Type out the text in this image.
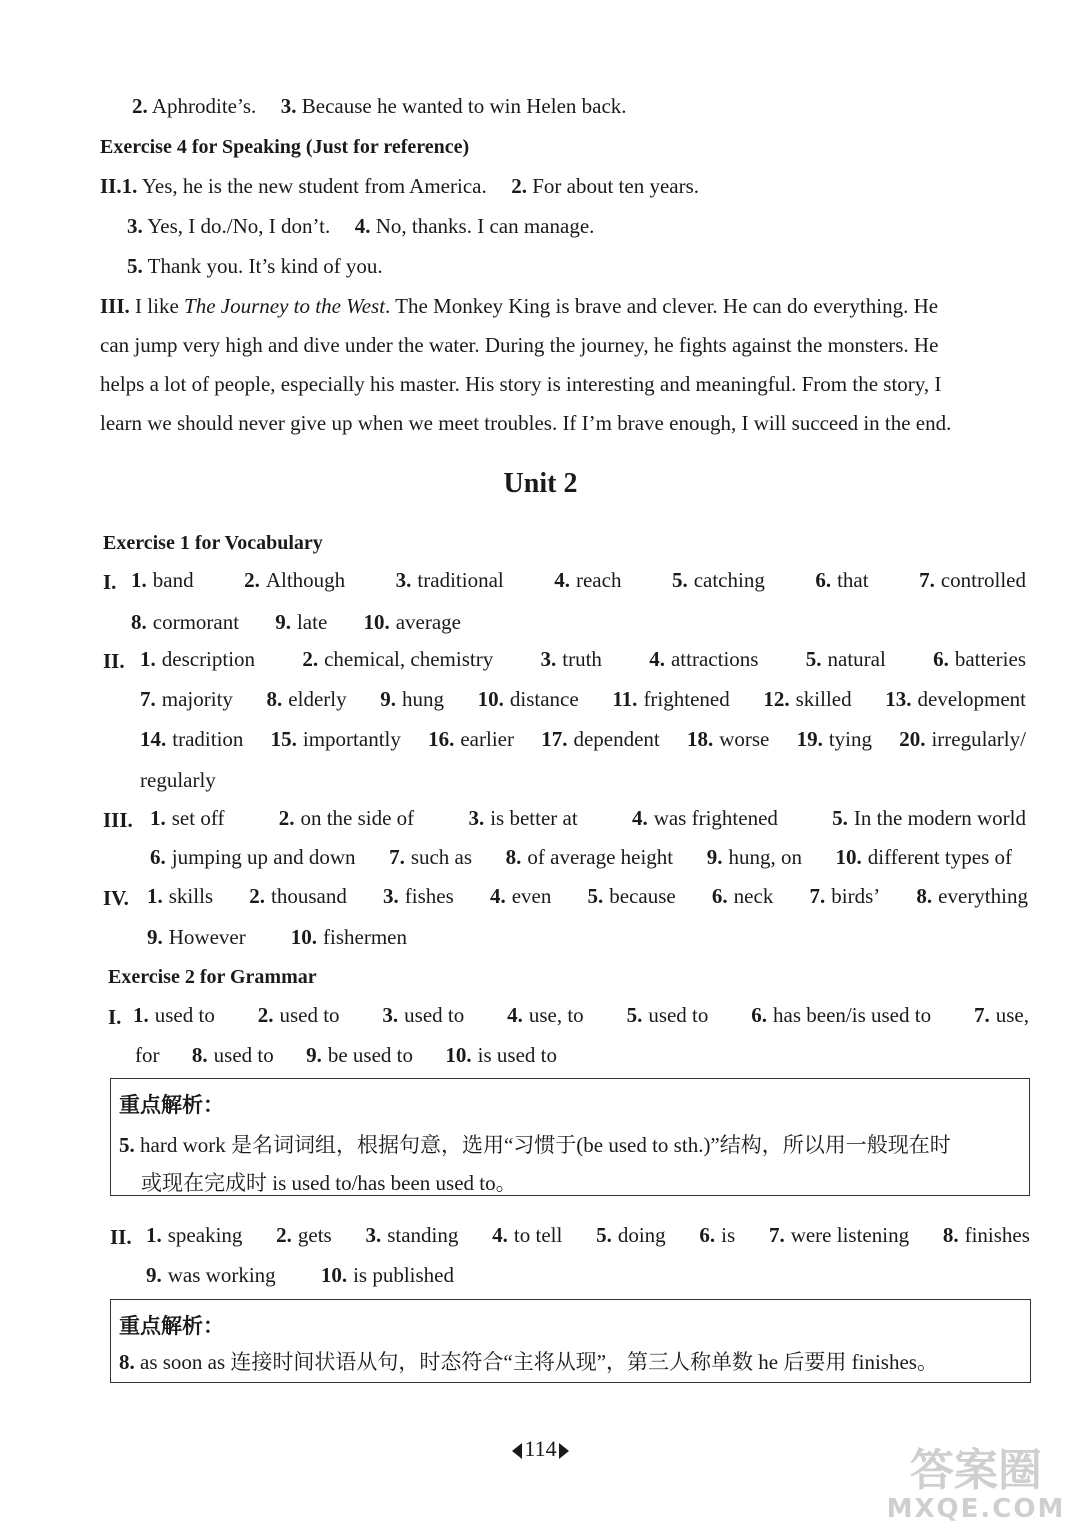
2. Aphrodite’s. 3. Because he wanted to win Helen back.
Exercise 4 for Speaking (Just for reference)
II.1. Yes, he is the new student from America. 2. For about ten years.
3. Yes, I do./No, I don’t. 4. No, thanks. I can manage.
5. Thank you. It’s kind of you.
III. I like The Journey to the West. The Monkey King is brave and clever. He can do everything. He
can jump very high and dive under the water. During the journey, he fights against the monsters. He
helps a lot of people, especially his master. His story is interesting and meaningful. From the story, I
learn we should never give up when we meet troubles. If I’m brave enough, I will succeed in the end.
Unit 2
Exercise 1 for Vocabulary
I. 1. band 2. Although 3. traditional 4. reach 5. catching 6. that 7. controlled
8. cormorant 9. late 10. average
II. 1. description 2. chemical, chemistry 3. truth 4. attractions 5. natural 6. batteries
7. majority 8. elderly 9. hung 10. distance 11. frightened 12. skilled 13. development
14. tradition 15. importantly 16. earlier 17. dependent 18. worse 19. tying 20. irregularly/
regularly
III. 1. set off	2. on the side of	3. is better at	4. was frightened	5. In the modern world
6. jumping up and down 7. such as 8. of average height 9. hung, on 10. different types of
IV. 1. skills 2. thousand 3. fishes 4. even 5. because 6. neck 7. birds’ 8. everything
9. However 10. fishermen
Exercise 2 for Grammar
I. 1. used to 2. used to 3. used to 4. use, to 5. used to 6. has been/is used to 7. use,
for 8. used to 9. be used to 10. is used to
重点解析：
5. hard work 是名词词组，根据句意，选用“习惯于(be used to sth.)”结构，所以用一般现在时
或现在完成时 is used to/has been used to。
II. 1. speaking 2. gets 3. standing 4. to tell 5. doing 6. is 7. were listening 8. finishes
9. was working 10. is published
重点解析：
8. as soon as 连接时间状语从句，时态符合“主将从现”，第三人称单数 he 后要用 finishes。
114	答案圈
MXQE.COM
